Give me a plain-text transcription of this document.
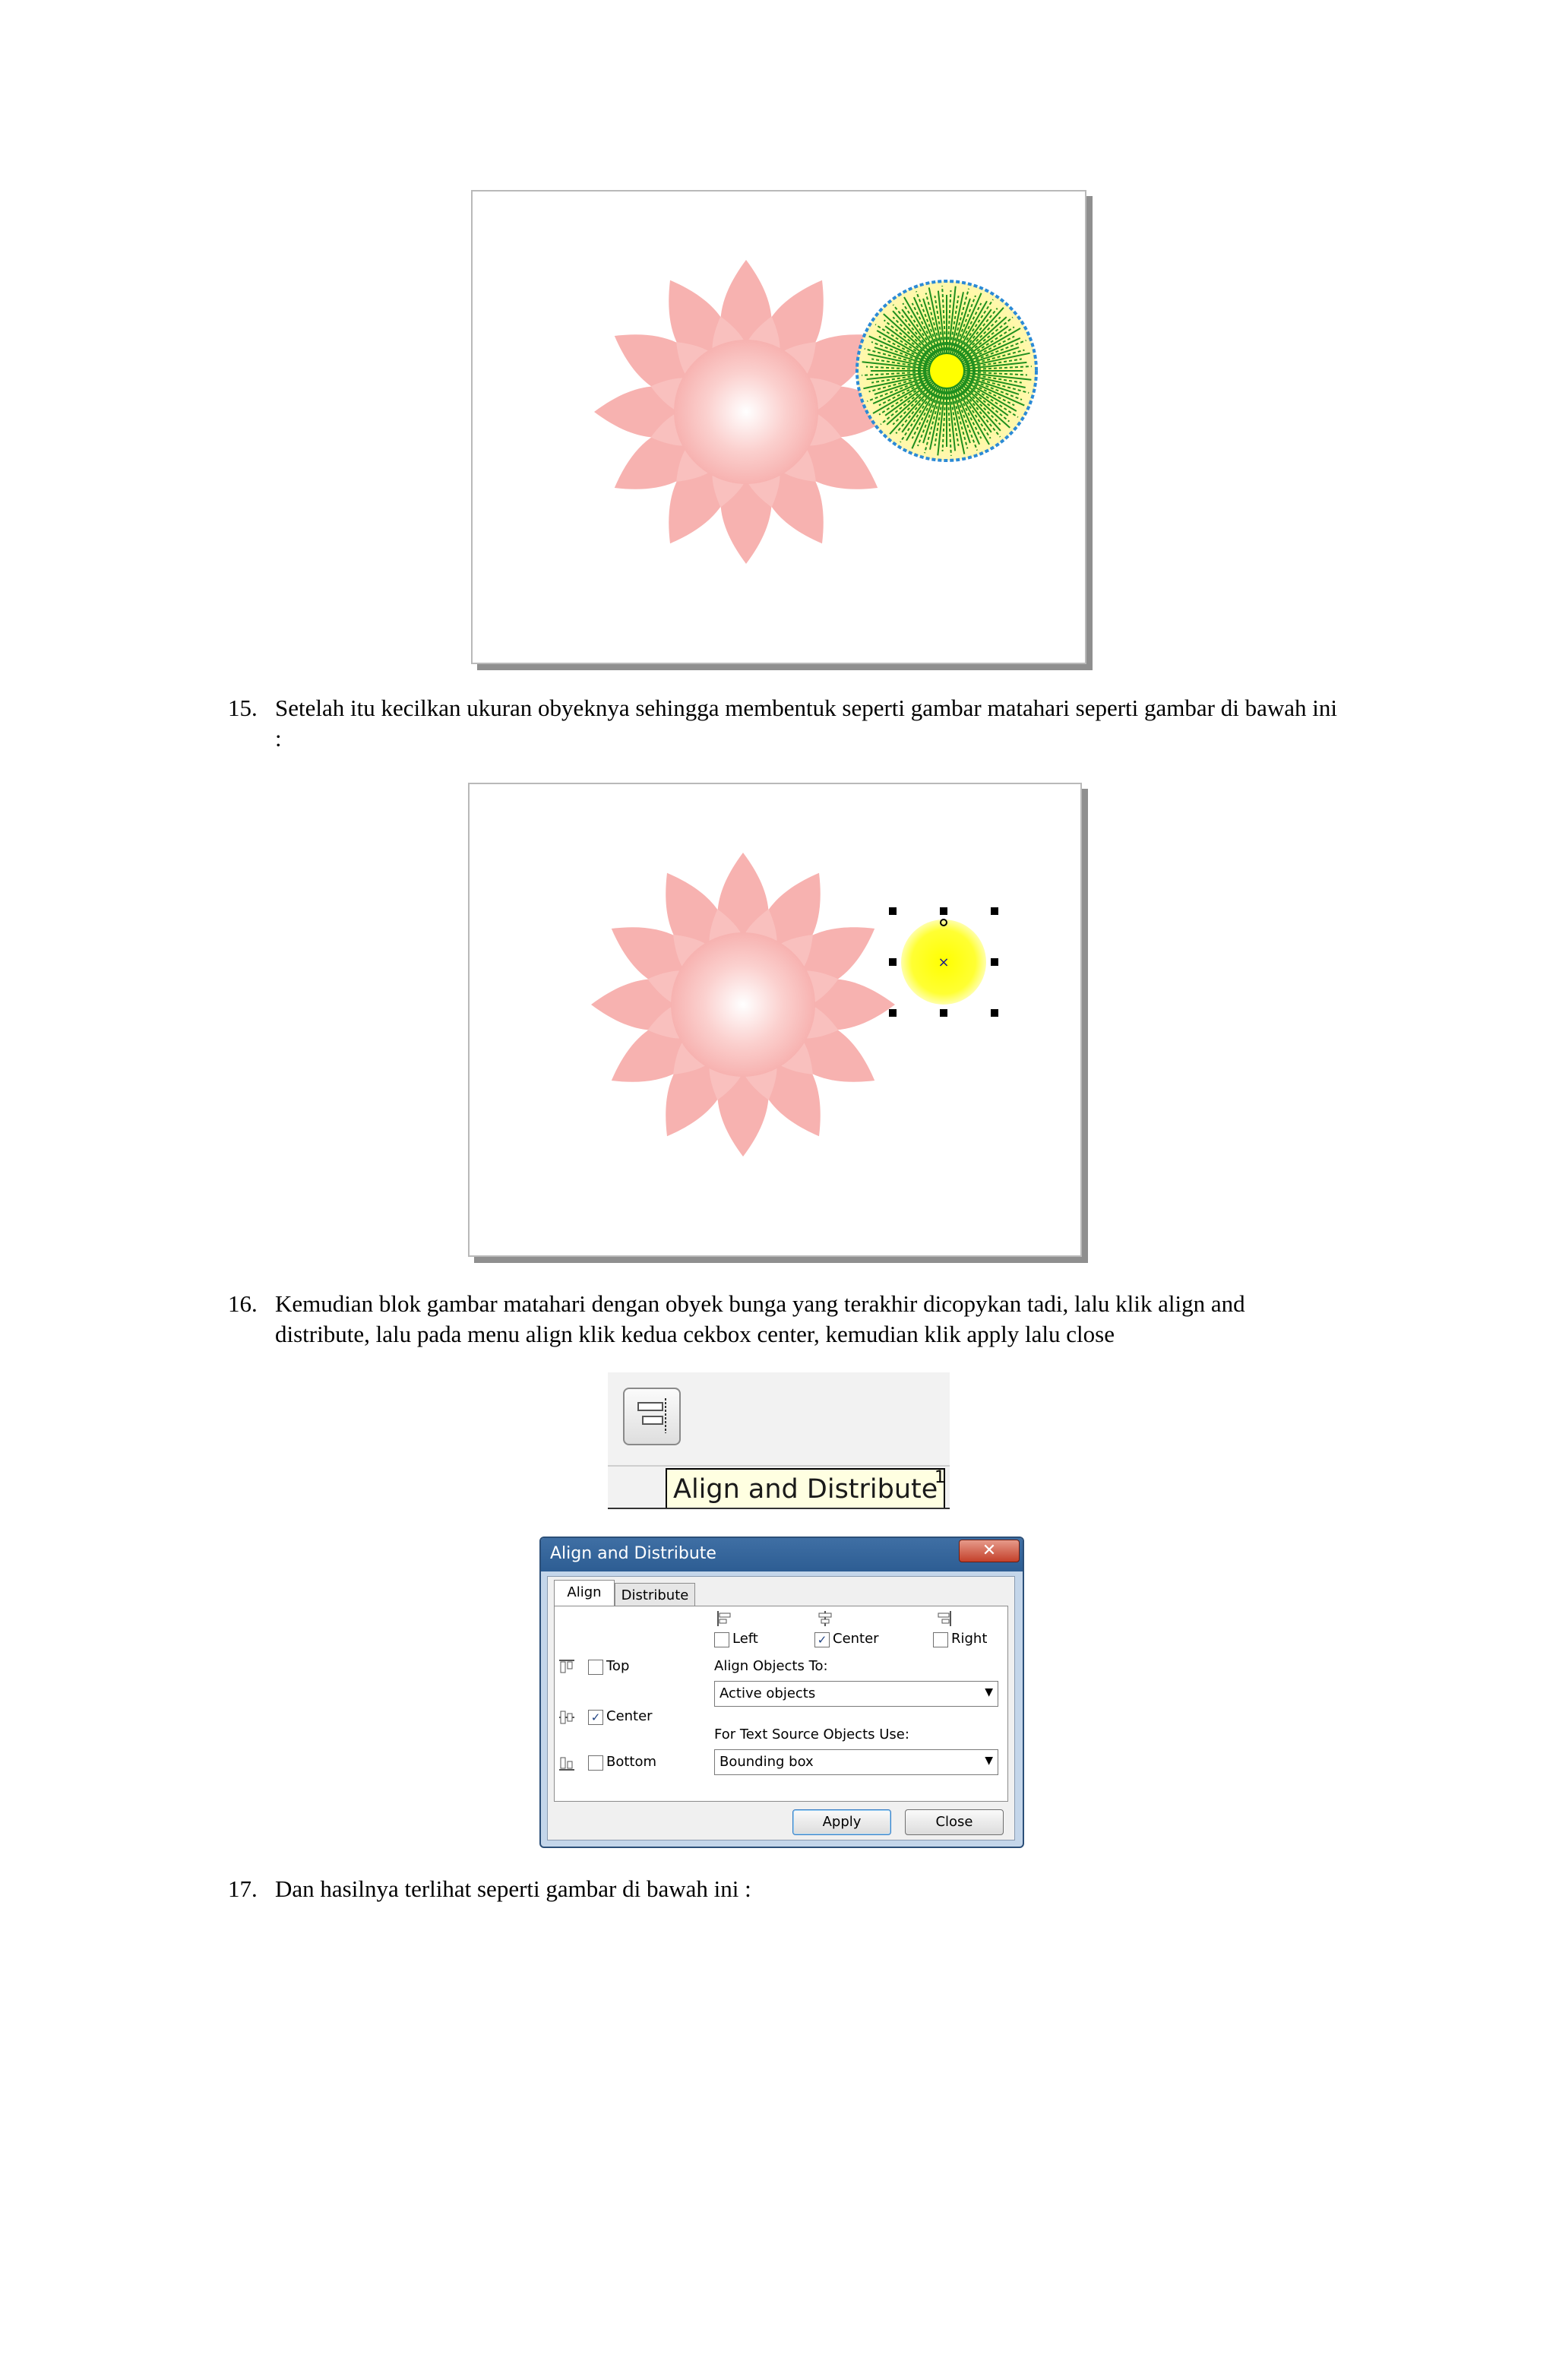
15. Setelah itu kecilkan ukuran obyeknya sehingga membentuk seperti gambar matahari seperti gambar di bawah ini :
×
16. Kemudian blok gambar matahari dengan obyek bunga yang terakhir dicopykan tadi, lalu klik align and distribute, lalu pada menu align klik kedua cekbox center, kemudian klik apply lalu close
Align and Distribute
1
Align and Distribute	✕
Align	Distribute
Left	✓ Center	Right
Top
✓ Center
Bottom
Align Objects To:
Active objects	▼
For Text Source Objects Use:
Bounding box	▼
Apply	Close
17. Dan hasilnya terlihat seperti gambar di bawah ini :
